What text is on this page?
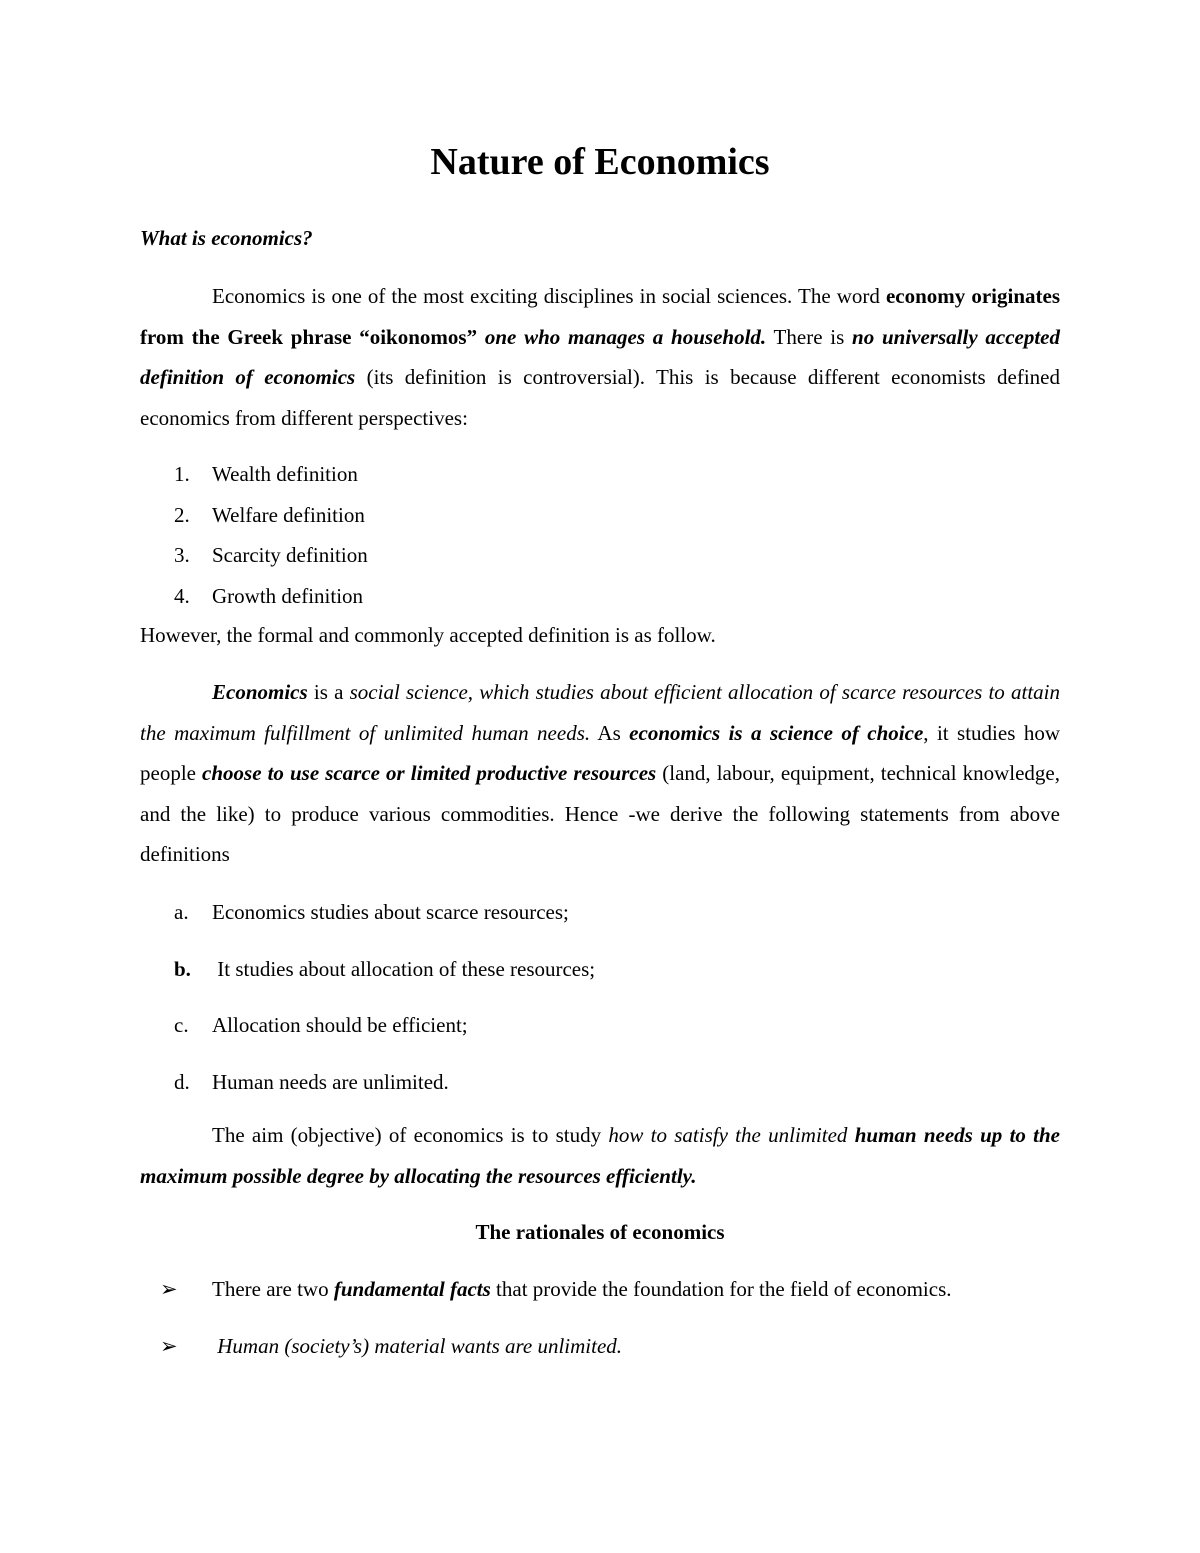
Nature of Economics

What is economics?

Economics is one of the most exciting disciplines in social sciences. The word economy originates from the Greek phrase “oikonomos” one who manages a household. There is no universally accepted definition of economics (its definition is controversial). This is because different economists defined economics from different perspectives:

1. Wealth definition
2. Welfare definition
3. Scarcity definition
4. Growth definition

However, the formal and commonly accepted definition is as follow.

Economics is a social science, which studies about efficient allocation of scarce resources to attain the maximum fulfillment of unlimited human needs. As economics is a science of choice, it studies how people choose to use scarce or limited productive resources (land, labour, equipment, technical knowledge, and the like) to produce various commodities. Hence -we derive the following statements from above definitions

a. Economics studies about scarce resources;
b. It studies about allocation of these resources;
c. Allocation should be efficient;
d. Human needs are unlimited.

The aim (objective) of economics is to study how to satisfy the unlimited human needs up to the maximum possible degree by allocating the resources efficiently.

The rationales of economics
➢ There are two fundamental facts that provide the foundation for the field of economics.
➢ Human (society’s) material wants are unlimited.
